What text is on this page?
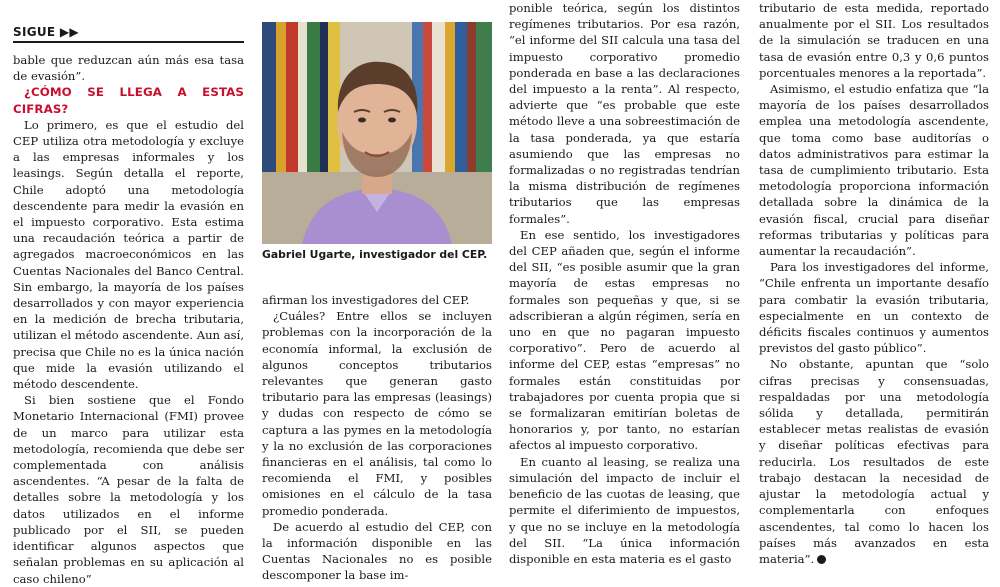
SIGUE ▶▶

bable que reduzcan aún más esa tasa de evasión”.

¿CÓMO SE LLEGA A ESTAS CIFRAS?

Lo primero, es que el estudio del CEP utiliza otra metodología y excluye a las empresas informales y los leasings. Según detalla el reporte, Chile adoptó una metodología descendente para medir la evasión en el impuesto corporativo. Esta estima una recaudación teórica a partir de agregados macroeconómicos en las Cuentas Nacionales del Banco Central. Sin embargo, la mayoría de los países desarrollados y con mayor experiencia en la medición de brecha tributaria, utilizan el método ascendente. Aun así, precisa que Chile no es la única nación que mide la evasión utilizando el método descendente.

Si bien sostiene que el Fondo Monetario Internacional (FMI) provee de un marco para utilizar esta metodología, recomienda que debe ser complementada con análisis ascendentes. “A pesar de la falta de detalles sobre la metodología y los datos utilizados en el informe publicado por el SII, se pueden identificar algunos aspectos que señalan problemas en su aplicación al caso chileno”

Gabriel Ugarte, investigador del CEP.

afirman los investigadores del CEP.

¿Cuáles? Entre ellos se incluyen problemas con la incorporación de la economía informal, la exclusión de algunos conceptos tributarios relevantes que generan gasto tributario para las empresas (leasings) y dudas con respecto de cómo se captura a las pymes en la metodología y la no exclusión de las corporaciones financieras en el análisis, tal como lo recomienda el FMI, y posibles omisiones en el cálculo de la tasa promedio ponderada.

De acuerdo al estudio del CEP, con la información disponible en las Cuentas Nacionales no es posible descomponer la base im-

ponible teórica, según los distintos regímenes tributarios. Por esa razón, “el informe del SII calcula una tasa del impuesto corporativo promedio ponderada en base a las declaraciones del impuesto a la renta”. Al respecto, advierte que “es probable que este método lleve a una sobreestimación de la tasa ponderada, ya que estaría asumiendo que las empresas no formalizadas o no registradas tendrían la misma distribución de regímenes tributarios que las empresas formales”.

En ese sentido, los investigadores del CEP añaden que, según el informe del SII, “es posible asumir que la gran mayoría de estas empresas no formales son pequeñas y que, si se adscribieran a algún régimen, sería en uno en que no pagaran impuesto corporativo”. Pero de acuerdo al informe del CEP, estas “empresas” no formales están constituidas por trabajadores por cuenta propia que si se formalizaran emitirían boletas de honorarios y, por tanto, no estarían afectos al impuesto corporativo.

En cuanto al leasing, se realiza una simulación del impacto de incluir el beneficio de las cuotas de leasing, que permite el diferimiento de impuestos, y que no se incluye en la metodología del SII. “La única información disponible en esta materia es el gasto

tributario de esta medida, reportado anualmente por el SII. Los resultados de la simulación se traducen en una tasa de evasión entre 0,3 y 0,6 puntos porcentuales menores a la reportada”.

Asimismo, el estudio enfatiza que “la mayoría de los países desarrollados emplea una metodología ascendente, que toma como base auditorías o datos administrativos para estimar la tasa de cumplimiento tributario. Esta metodología proporciona información detallada sobre la dinámica de la evasión fiscal, crucial para diseñar reformas tributarias y políticas para aumentar la recaudación”.

Para los investigadores del informe, “Chile enfrenta un importante desafío para combatir la evasión tributaria, especialmente en un contexto de déficits fiscales continuos y aumentos previstos del gasto público”.

No obstante, apuntan que “solo cifras precisas y consensuadas, respaldadas por una metodología sólida y detallada, permitirán establecer metas realistas de evasión y diseñar políticas efectivas para reducirla. Los resultados de este trabajo destacan la necesidad de ajustar la metodología actual y complementarla con enfoques ascendentes, tal como lo hacen los países más avanzados en esta materia”.
